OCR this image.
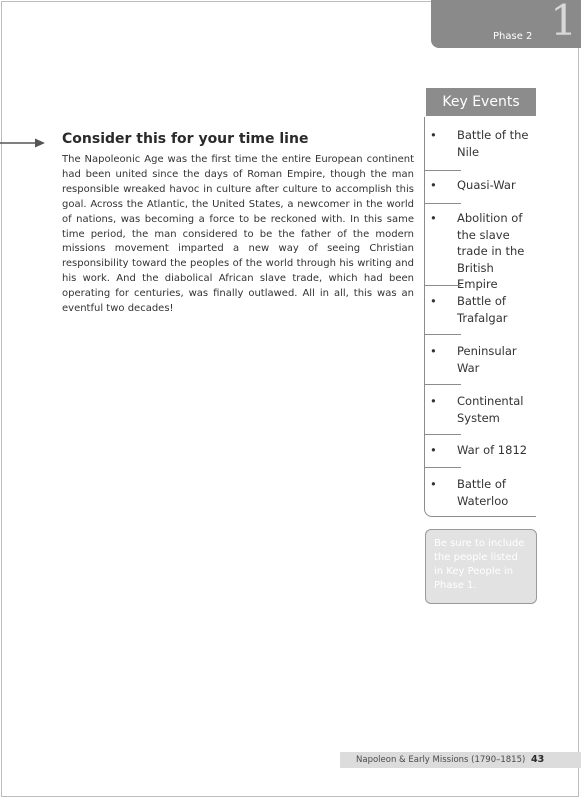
Phase 2 1
Consider this for your time line

The Napoleonic Age was the first time the entire European continent had been united since the days of Roman Empire, though the man responsible wreaked havoc in culture after culture to accomplish this goal. Across the Atlantic, the United States, a newcomer in the world of nations, was becoming a force to be reckoned with. In this same time period, the man considered to be the father of the modern missions movement imparted a new way of seeing Christian responsibility toward the peoples of the world through his writing and his work. And the diabolical African slave trade, which had been operating for centuries, was finally outlawed. All in all, this was an eventful two decades!

Key Events
• Battle of the Nile
• Quasi-War
• Abolition of the slave trade in the British Empire
• Battle of Trafalgar
• Peninsular War
• Continental System
• War of 1812
• Battle of Waterloo
Be sure to include the people listed in Key People in Phase 1.
Napoleon & Early Missions (1790–1815) 43
